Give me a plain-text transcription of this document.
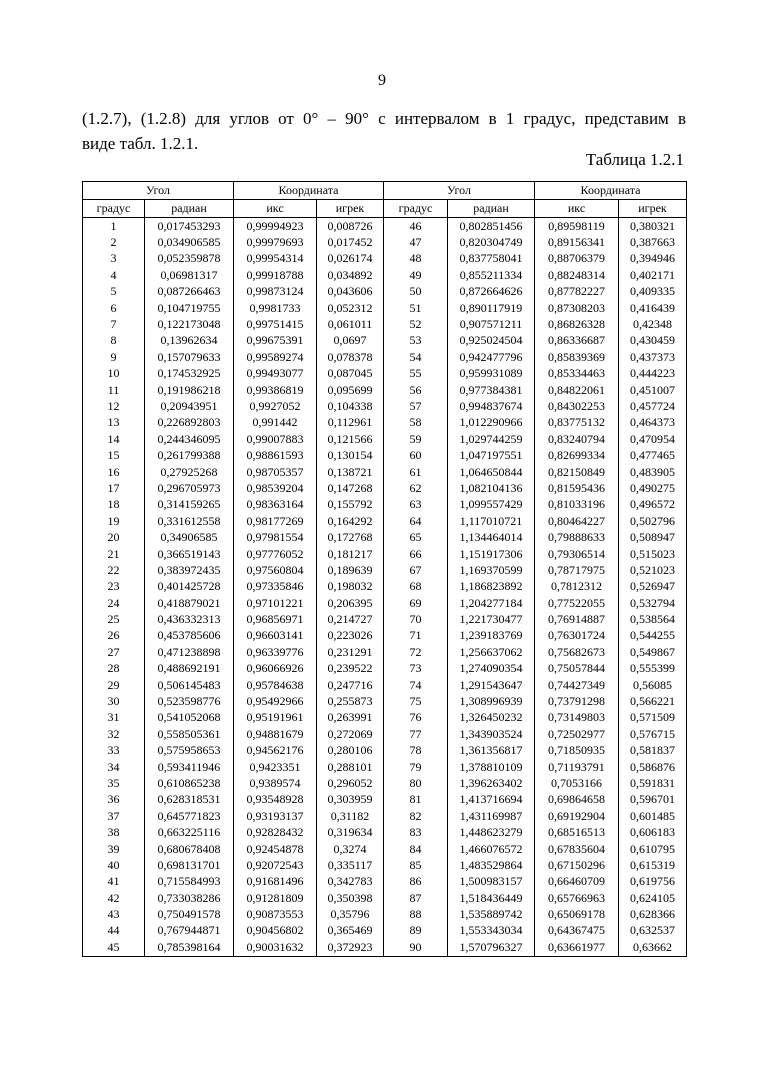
9
(1.2.7), (1.2.8) для углов от 0° – 90° с интервалом в 1 градус, представим в
виде табл. 1.2.1.
Таблица 1.2.1
Угол		Координата		Угол		Координата	
градус	радиан	икс	игрек	градус	радиан	икс	игрек
1	0,017453293	0,99994923	0,008726	46	0,802851456	0,89598119	0,380321
2	0,034906585	0,99979693	0,017452	47	0,820304749	0,89156341	0,387663
3	0,052359878	0,99954314	0,026174	48	0,837758041	0,88706379	0,394946
4	0,06981317	0,99918788	0,034892	49	0,855211334	0,88248314	0,402171
5	0,087266463	0,99873124	0,043606	50	0,872664626	0,87782227	0,409335
6	0,104719755	0,9981733	0,052312	51	0,890117919	0,87308203	0,416439
7	0,122173048	0,99751415	0,061011	52	0,907571211	0,86826328	0,42348
8	0,13962634	0,99675391	0,0697	53	0,925024504	0,86336687	0,430459
9	0,157079633	0,99589274	0,078378	54	0,942477796	0,85839369	0,437373
10	0,174532925	0,99493077	0,087045	55	0,959931089	0,85334463	0,444223
11	0,191986218	0,99386819	0,095699	56	0,977384381	0,84822061	0,451007
12	0,20943951	0,9927052	0,104338	57	0,994837674	0,84302253	0,457724
13	0,226892803	0,991442	0,112961	58	1,012290966	0,83775132	0,464373
14	0,244346095	0,99007883	0,121566	59	1,029744259	0,83240794	0,470954
15	0,261799388	0,98861593	0,130154	60	1,047197551	0,82699334	0,477465
16	0,27925268	0,98705357	0,138721	61	1,064650844	0,82150849	0,483905
17	0,296705973	0,98539204	0,147268	62	1,082104136	0,81595436	0,490275
18	0,314159265	0,98363164	0,155792	63	1,099557429	0,81033196	0,496572
19	0,331612558	0,98177269	0,164292	64	1,117010721	0,80464227	0,502796
20	0,34906585	0,97981554	0,172768	65	1,134464014	0,79888633	0,508947
21	0,366519143	0,97776052	0,181217	66	1,151917306	0,79306514	0,515023
22	0,383972435	0,97560804	0,189639	67	1,169370599	0,78717975	0,521023
23	0,401425728	0,97335846	0,198032	68	1,186823892	0,7812312	0,526947
24	0,418879021	0,97101221	0,206395	69	1,204277184	0,77522055	0,532794
25	0,436332313	0,96856971	0,214727	70	1,221730477	0,76914887	0,538564
26	0,453785606	0,96603141	0,223026	71	1,239183769	0,76301724	0,544255
27	0,471238898	0,96339776	0,231291	72	1,256637062	0,75682673	0,549867
28	0,488692191	0,96066926	0,239522	73	1,274090354	0,75057844	0,555399
29	0,506145483	0,95784638	0,247716	74	1,291543647	0,74427349	0,56085
30	0,523598776	0,95492966	0,255873	75	1,308996939	0,73791298	0,566221
31	0,541052068	0,95191961	0,263991	76	1,326450232	0,73149803	0,571509
32	0,558505361	0,94881679	0,272069	77	1,343903524	0,72502977	0,576715
33	0,575958653	0,94562176	0,280106	78	1,361356817	0,71850935	0,581837
34	0,593411946	0,9423351	0,288101	79	1,378810109	0,71193791	0,586876
35	0,610865238	0,9389574	0,296052	80	1,396263402	0,7053166	0,591831
36	0,628318531	0,93548928	0,303959	81	1,413716694	0,69864658	0,596701
37	0,645771823	0,93193137	0,31182	82	1,431169987	0,69192904	0,601485
38	0,663225116	0,92828432	0,319634	83	1,448623279	0,68516513	0,606183
39	0,680678408	0,92454878	0,3274	84	1,466076572	0,67835604	0,610795
40	0,698131701	0,92072543	0,335117	85	1,483529864	0,67150296	0,615319
41	0,715584993	0,91681496	0,342783	86	1,500983157	0,66460709	0,619756
42	0,733038286	0,91281809	0,350398	87	1,518436449	0,65766963	0,624105
43	0,750491578	0,90873553	0,35796	88	1,535889742	0,65069178	0,628366
44	0,767944871	0,90456802	0,365469	89	1,553343034	0,64367475	0,632537
45	0,785398164	0,90031632	0,372923	90	1,570796327	0,63661977	0,63662
